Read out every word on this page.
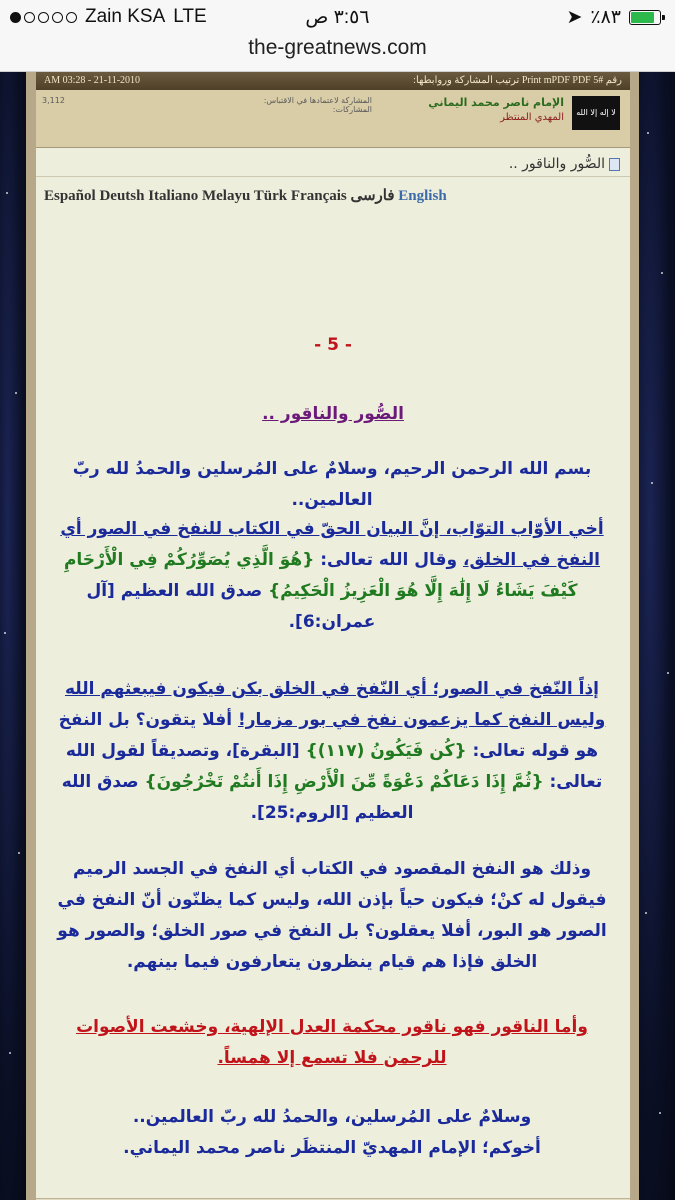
Zain KSA LTE	٣:٥٦ ص	➤ ٪٨٣
the-greatnews.com
AM 03:28 - 21-11-2010	رقم Print mPDF PDF 5# ترتيب المشاركة وروابطها:
لا إله إلا الله
الإمام ناصر محمد اليماني
المهدي المنتظر
المشاركة لاعتمادها في الاقتباس:
المشاركات:
3,112
الصُّور والناقور ..
Español Deutsh Italiano Melayu Türk Français فارسی English
- 5 -
الصُّور والناقور ..
بسم الله الرحمن الرحيم، وسلامٌ على المُرسلين والحمدُ لله ربّ العالمين..
أخي الأوّاب التوّاب، إنَّ البيان الحقّ في الكتاب للنفخ في الصور أي النفخ في الخلق، وقال الله تعالى: {هُوَ الَّذِي يُصَوِّرُكُمْ فِي الْأَرْحَامِ كَيْفَ يَشَاءُ لَا إِلَٰهَ إِلَّا هُوَ الْعَزِيزُ الْحَكِيمُ} صدق الله العظيم [آل عمران:6].
إذاً النّفخ في الصور؛ أي النّفخ في الخلق بكن فيكون فيبعثهم الله وليس النفخ كما يزعمون نفخ في بور مزمار! أفلا يتقون؟ بل النفخ هو قوله تعالى: {كُن فَيَكُونُ (١١٧)} [البقرة]، وتصديقاً لقول الله تعالى: {ثُمَّ إِذَا دَعَاكُمْ دَعْوَةً مِّنَ الْأَرْضِ إِذَا أَنتُمْ تَخْرُجُونَ} صدق الله العظيم [الروم:25].
وذلك هو النفخ المقصود في الكتاب أي النفخ في الجسد الرميم فيقول له كنْ؛ فيكون حياً بإذن الله، وليس كما يظنّون أنّ النفخ في الصور هو البور، أفلا يعقلون؟ بل النفخ في صور الخلق؛ والصور هو الخلق فإذا هم قيام ينظرون يتعارفون فيما بينهم.
وأما الناقور فهو ناقور محكمة العدل الإلهية، وخشعت الأصوات للرحمن فلا تسمع إلا همساً.
وسلامٌ على المُرسلين، والحمدُ لله ربّ العالمين..
أخوكم؛ الإمام المهديّ المنتظَر ناصر محمد اليماني.
